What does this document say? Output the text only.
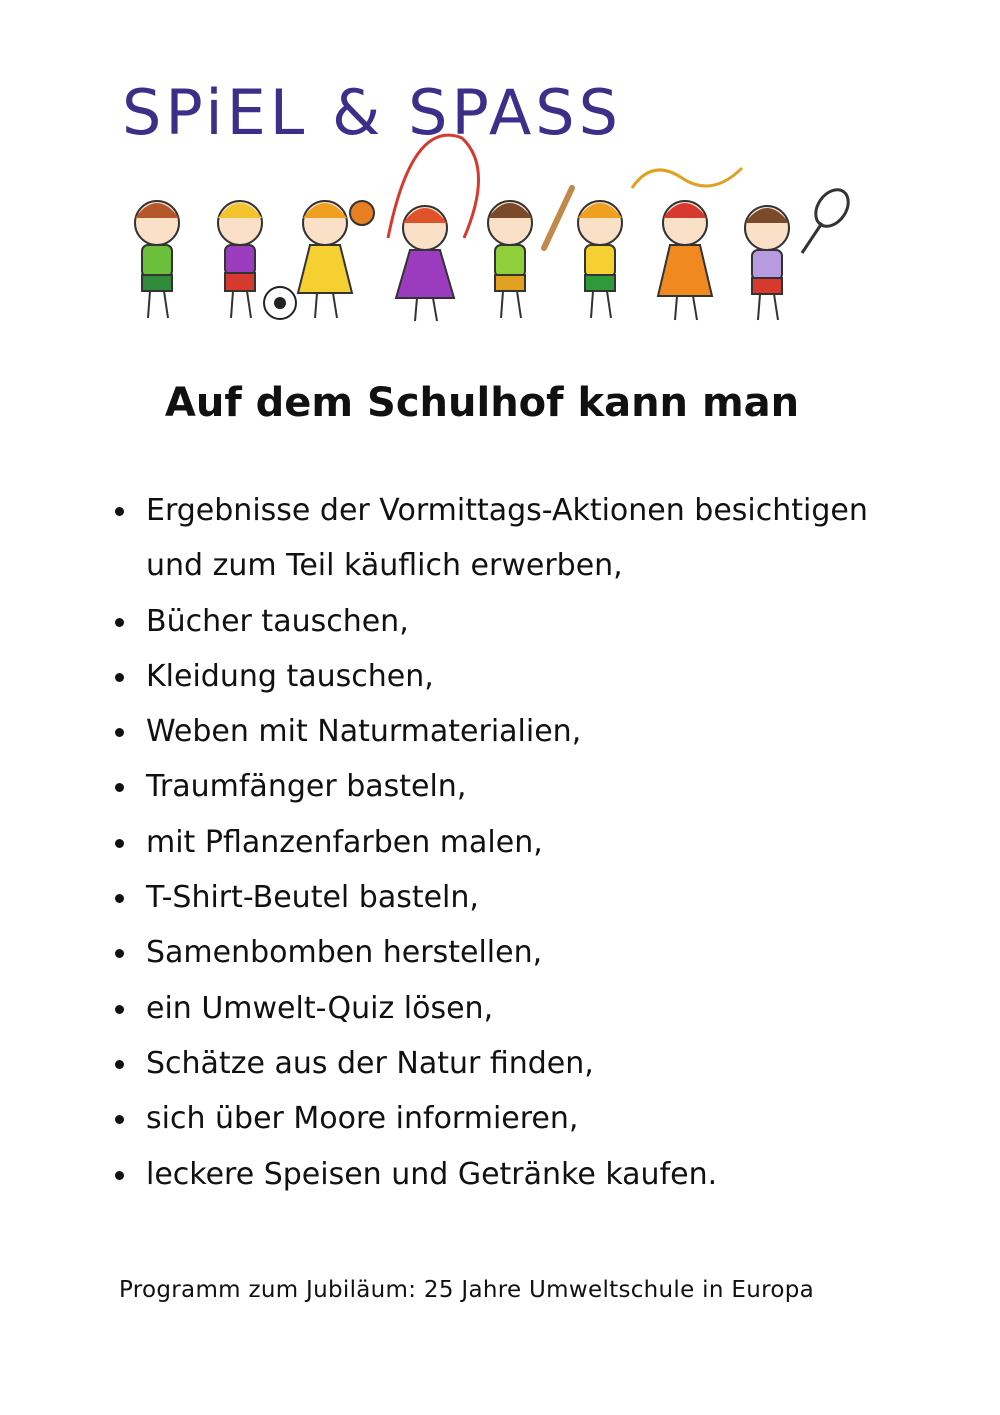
SPiEL & SPASS
Auf dem Schulhof kann man
Ergebnisse der Vormittags-Aktionen besichtigen
und zum Teil käuflich erwerben,
Bücher tauschen,
Kleidung tauschen,
Weben mit Naturmaterialien,
Traumfänger basteln,
mit Pflanzenfarben malen,
T-Shirt-Beutel basteln,
Samenbomben herstellen,
ein Umwelt-Quiz lösen,
Schätze aus der Natur finden,
sich über Moore informieren,
leckere Speisen und Getränke kaufen.

Programm zum Jubiläum: 25 Jahre Umweltschule in Europa
